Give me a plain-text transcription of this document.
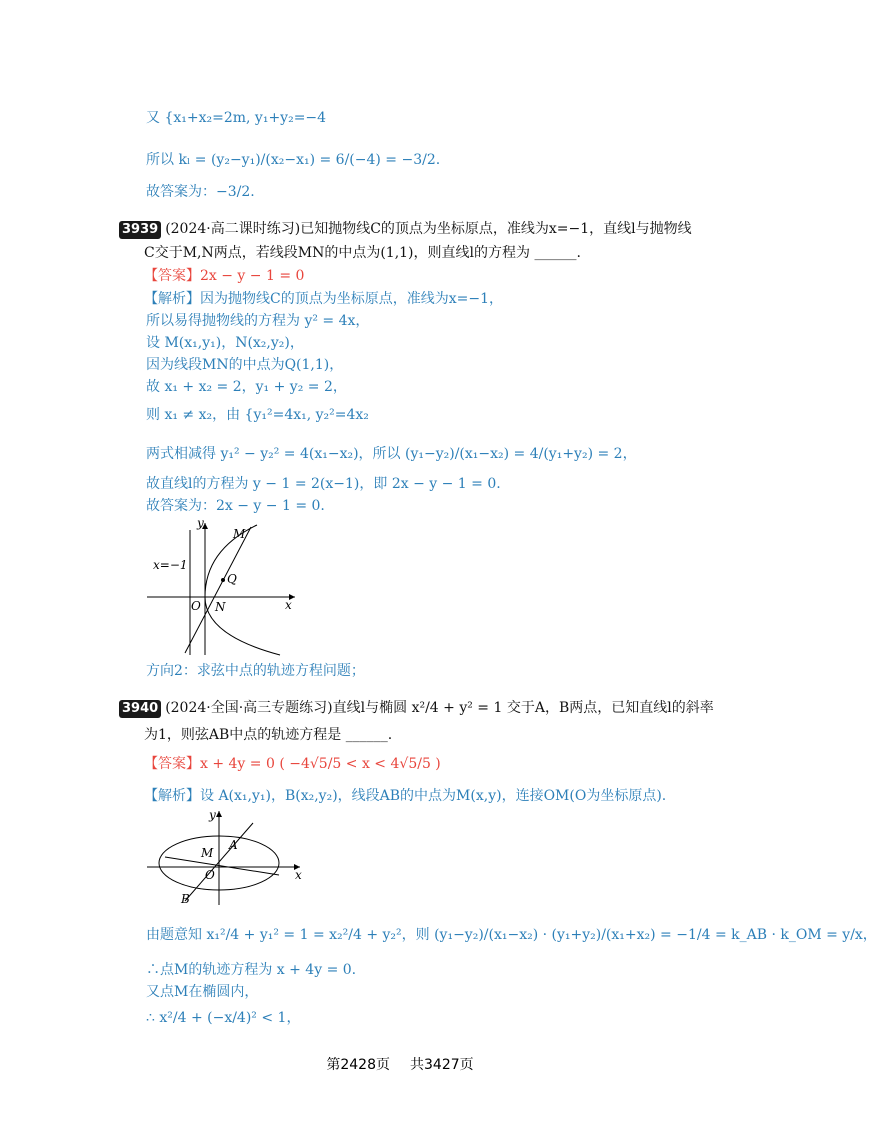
又 {x₁+x₂=2m, y₁+y₂=−4
所以 kₗ = (y₂−y₁)/(x₂−x₁) = 6/(−4) = −3/2.
故答案为：−3/2.
3939 (2024·高二课时练习)已知抛物线C的顶点为坐标原点，准线为x=−1，直线l与抛物线
C交于M,N两点，若线段MN的中点为(1,1)，则直线l的方程为 ______.
【答案】2x − y − 1 = 0
【解析】因为抛物线C的顶点为坐标原点，准线为x=−1，
所以易得抛物线的方程为 y² = 4x，
设 M(x₁,y₁)，N(x₂,y₂)，
因为线段MN的中点为Q(1,1)，
故 x₁ + x₂ = 2，y₁ + y₂ = 2，
则 x₁ ≠ x₂，由 {y₁²=4x₁, y₂²=4x₂
两式相减得 y₁² − y₂² = 4(x₁−x₂)，所以 (y₁−y₂)/(x₁−x₂) = 4/(y₁+y₂) = 2，
故直线l的方程为 y − 1 = 2(x−1)，即 2x − y − 1 = 0.
故答案为：2x − y − 1 = 0.
y
x
M
Q
N
O
x=−1
方向2：求弦中点的轨迹方程问题；
3940 (2024·全国·高三专题练习)直线l与椭圆 x²/4 + y² = 1 交于A，B两点，已知直线l的斜率
为1，则弦AB中点的轨迹方程是 ______.
【答案】x + 4y = 0 ( −4√5/5 < x < 4√5/5 )
【解析】设 A(x₁,y₁)，B(x₂,y₂)，线段AB的中点为M(x,y)，连接OM(O为坐标原点).
y
x
M
A
O
B
由题意知 x₁²/4 + y₁² = 1 = x₂²/4 + y₂²，则 (y₁−y₂)/(x₁−x₂) · (y₁+y₂)/(x₁+x₂) = −1/4 = k_AB · k_OM = y/x，
∴点M的轨迹方程为 x + 4y = 0.
又点M在椭圆内，
∴ x²/4 + (−x/4)² < 1，
第2428页 共3427页
